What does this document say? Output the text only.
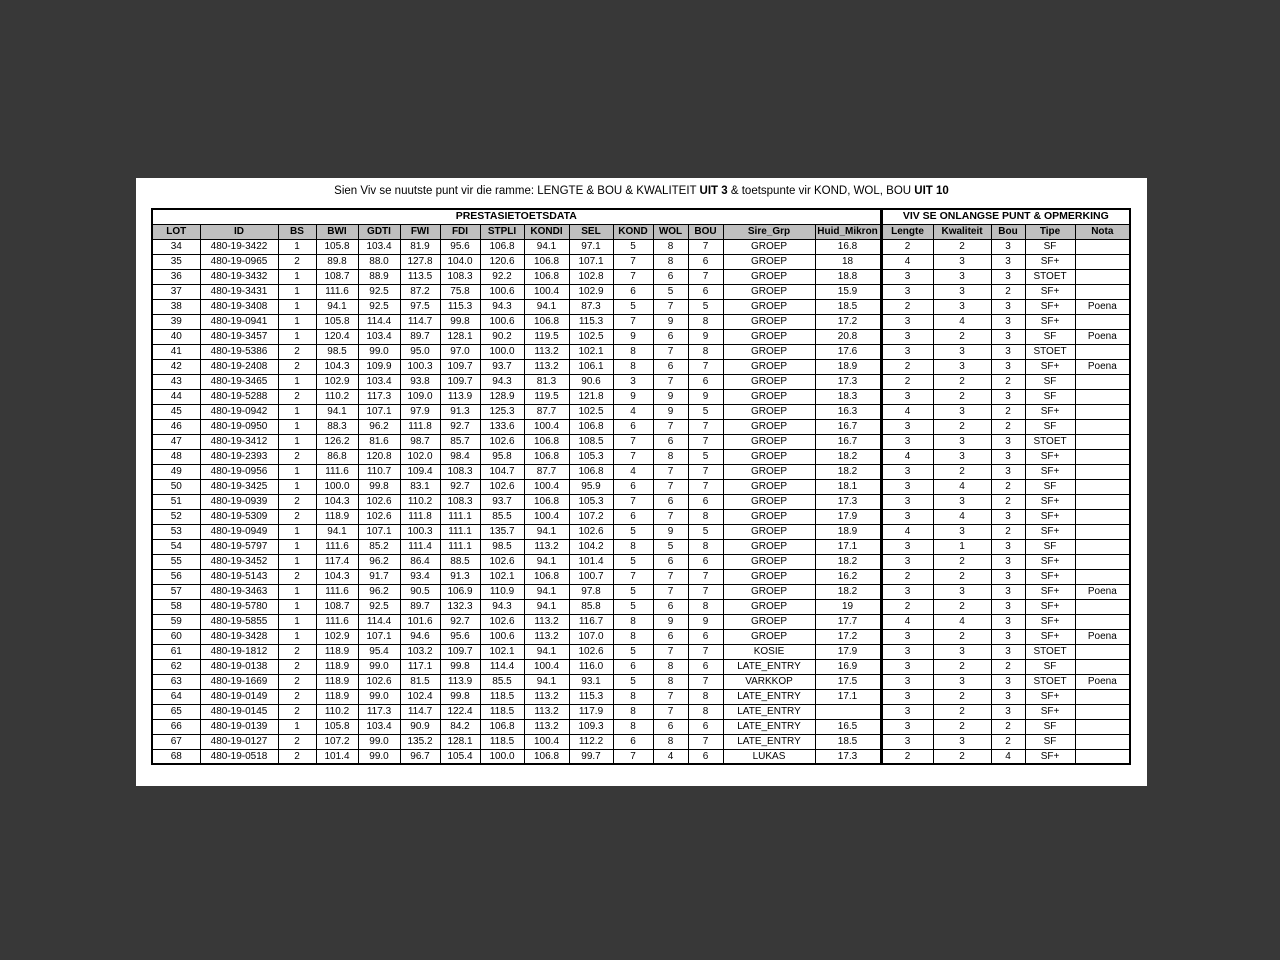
Sien Viv se nuutste punt vir die ramme: LENGTE & BOU & KWALITEIT UIT 3 & toetspunte vir KOND, WOL, BOU UIT 10
PRESTASIETOETSDATA															VIV SE ONLANGSE PUNT & OPMERKING				
LOT	ID	BS	BWI	GDTI	FWI	FDI	STPLI	KONDI	SEL	KOND	WOL	BOU	Sire_Grp	Huid_Mikron	Lengte	Kwaliteit	Bou	Tipe	Nota
34	480-19-3422	1	105.8	103.4	81.9	95.6	106.8	94.1	97.1	5	8	7	GROEP	16.8	2	2	3	SF	
35	480-19-0965	2	89.8	88.0	127.8	104.0	120.6	106.8	107.1	7	8	6	GROEP	18	4	3	3	SF+	
36	480-19-3432	1	108.7	88.9	113.5	108.3	92.2	106.8	102.8	7	6	7	GROEP	18.8	3	3	3	STOET	
37	480-19-3431	1	111.6	92.5	87.2	75.8	100.6	100.4	102.9	6	5	6	GROEP	15.9	3	3	2	SF+	
38	480-19-3408	1	94.1	92.5	97.5	115.3	94.3	94.1	87.3	5	7	5	GROEP	18.5	2	3	3	SF+	Poena
39	480-19-0941	1	105.8	114.4	114.7	99.8	100.6	106.8	115.3	7	9	8	GROEP	17.2	3	4	3	SF+	
40	480-19-3457	1	120.4	103.4	89.7	128.1	90.2	119.5	102.5	9	6	9	GROEP	20.8	3	2	3	SF	Poena
41	480-19-5386	2	98.5	99.0	95.0	97.0	100.0	113.2	102.1	8	7	8	GROEP	17.6	3	3	3	STOET	
42	480-19-2408	2	104.3	109.9	100.3	109.7	93.7	113.2	106.1	8	6	7	GROEP	18.9	2	3	3	SF+	Poena
43	480-19-3465	1	102.9	103.4	93.8	109.7	94.3	81.3	90.6	3	7	6	GROEP	17.3	2	2	2	SF	
44	480-19-5288	2	110.2	117.3	109.0	113.9	128.9	119.5	121.8	9	9	9	GROEP	18.3	3	2	3	SF	
45	480-19-0942	1	94.1	107.1	97.9	91.3	125.3	87.7	102.5	4	9	5	GROEP	16.3	4	3	2	SF+	
46	480-19-0950	1	88.3	96.2	111.8	92.7	133.6	100.4	106.8	6	7	7	GROEP	16.7	3	2	2	SF	
47	480-19-3412	1	126.2	81.6	98.7	85.7	102.6	106.8	108.5	7	6	7	GROEP	16.7	3	3	3	STOET	
48	480-19-2393	2	86.8	120.8	102.0	98.4	95.8	106.8	105.3	7	8	5	GROEP	18.2	4	3	3	SF+	
49	480-19-0956	1	111.6	110.7	109.4	108.3	104.7	87.7	106.8	4	7	7	GROEP	18.2	3	2	3	SF+	
50	480-19-3425	1	100.0	99.8	83.1	92.7	102.6	100.4	95.9	6	7	7	GROEP	18.1	3	4	2	SF	
51	480-19-0939	2	104.3	102.6	110.2	108.3	93.7	106.8	105.3	7	6	6	GROEP	17.3	3	3	2	SF+	
52	480-19-5309	2	118.9	102.6	111.8	111.1	85.5	100.4	107.2	6	7	8	GROEP	17.9	3	4	3	SF+	
53	480-19-0949	1	94.1	107.1	100.3	111.1	135.7	94.1	102.6	5	9	5	GROEP	18.9	4	3	2	SF+	
54	480-19-5797	1	111.6	85.2	111.4	111.1	98.5	113.2	104.2	8	5	8	GROEP	17.1	3	1	3	SF	
55	480-19-3452	1	117.4	96.2	86.4	88.5	102.6	94.1	101.4	5	6	6	GROEP	18.2	3	2	3	SF+	
56	480-19-5143	2	104.3	91.7	93.4	91.3	102.1	106.8	100.7	7	7	7	GROEP	16.2	2	2	3	SF+	
57	480-19-3463	1	111.6	96.2	90.5	106.9	110.9	94.1	97.8	5	7	7	GROEP	18.2	3	3	3	SF+	Poena
58	480-19-5780	1	108.7	92.5	89.7	132.3	94.3	94.1	85.8	5	6	8	GROEP	19	2	2	3	SF+	
59	480-19-5855	1	111.6	114.4	101.6	92.7	102.6	113.2	116.7	8	9	9	GROEP	17.7	4	4	3	SF+	
60	480-19-3428	1	102.9	107.1	94.6	95.6	100.6	113.2	107.0	8	6	6	GROEP	17.2	3	2	3	SF+	Poena
61	480-19-1812	2	118.9	95.4	103.2	109.7	102.1	94.1	102.6	5	7	7	KOSIE	17.9	3	3	3	STOET	
62	480-19-0138	2	118.9	99.0	117.1	99.8	114.4	100.4	116.0	6	8	6	LATE_ENTRY	16.9	3	2	2	SF	
63	480-19-1669	2	118.9	102.6	81.5	113.9	85.5	94.1	93.1	5	8	7	VARKKOP	17.5	3	3	3	STOET	Poena
64	480-19-0149	2	118.9	99.0	102.4	99.8	118.5	113.2	115.3	8	7	8	LATE_ENTRY	17.1	3	2	3	SF+	
65	480-19-0145	2	110.2	117.3	114.7	122.4	118.5	113.2	117.9	8	7	8	LATE_ENTRY		3	2	3	SF+	
66	480-19-0139	1	105.8	103.4	90.9	84.2	106.8	113.2	109.3	8	6	6	LATE_ENTRY	16.5	3	2	2	SF	
67	480-19-0127	2	107.2	99.0	135.2	128.1	118.5	100.4	112.2	6	8	7	LATE_ENTRY	18.5	3	3	2	SF	
68	480-19-0518	2	101.4	99.0	96.7	105.4	100.0	106.8	99.7	7	4	6	LUKAS	17.3	2	2	4	SF+	
